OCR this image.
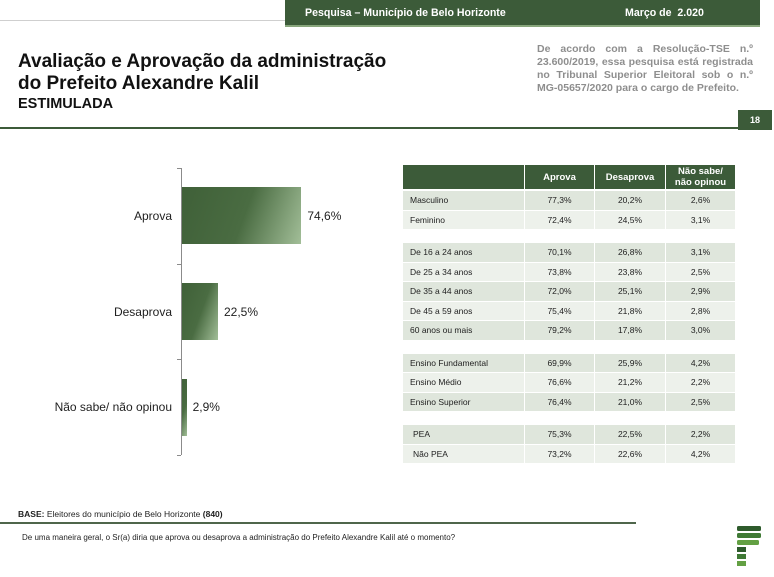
Pesquisa – Município de Belo Horizonte	Março de  2.020
Avaliação e Aprovação da administração
do Prefeito Alexandre Kalil
ESTIMULADA
De acordo com a Resolução-TSE n.º
23.600/2019, essa pesquisa está registrada
no Tribunal Superior Eleitoral sob o n.º
MG-05657/2020 para o cargo de Prefeito.
18
Aprova	74,6%
Desaprova	22,5%
Não sabe/ não opinou 2,9%
Aprova	Desaprova	Não sabe/
não opinou
Masculino	77,3%	20,2%	2,6%
Feminino	72,4%	24,5%	3,1%
De 16 a 24 anos	70,1%	26,8%	3,1%
De 25 a 34 anos	73,8%	23,8%	2,5%
De 35 a 44 anos	72,0%	25,1%	2,9%
De 45 a 59 anos	75,4%	21,8%	2,8%
60 anos ou mais	79,2%	17,8%	3,0%
Ensino Fundamental	69,9%	25,9%	4,2%
Ensino Médio	76,6%	21,2%	2,2%
Ensino Superior	76,4%	21,0%	2,5%
PEA	75,3%	22,5%	2,2%
Não PEA	73,2%	22,6%	4,2%
BASE: Eleitores do município de Belo Horizonte (840)
De uma maneira geral, o Sr(a) diria que aprova ou desaprova a administração do Prefeito Alexandre Kalil até o momento?
